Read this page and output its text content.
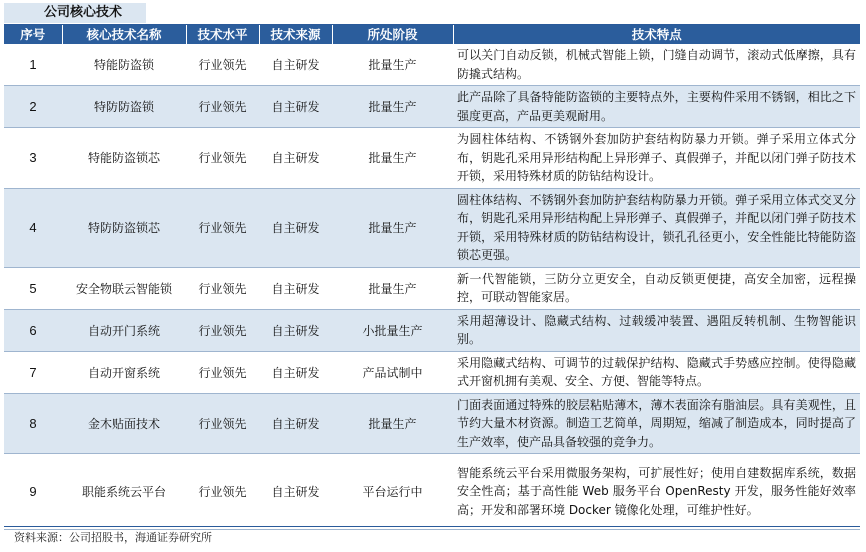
公司核心技术
序号	核心技术名称	技术水平	技术来源	所处阶段	技术特点
1	特能防盗锁	行业领先	自主研发	批量生产	可以关门自动反锁，机械式智能上锁，门缝自动调节，滚动式低摩擦，具有防撬式结构。
2	特防防盗锁	行业领先	自主研发	批量生产	此产品除了具备特能防盗锁的主要特点外，主要构件采用不锈钢，相比之下强度更高，产品更美观耐用。
3	特能防盗锁芯	行业领先	自主研发	批量生产	为圆柱体结构、不锈钢外套加防护套结构防暴力开锁。弹子采用立体式分布，钥匙孔采用异形结构配上异形弹子、真假弹子，并配以闭门弹子防技术开锁，采用特殊材质的防钻结构设计。
4	特防防盗锁芯	行业领先	自主研发	批量生产	圆柱体结构、不锈钢外套加防护套结构防暴力开锁。弹子采用立体式交叉分布，钥匙孔采用异形结构配上异形弹子、真假弹子，并配以闭门弹子防技术开锁，采用特殊材质的防钻结构设计，锁孔孔径更小，安全性能比特能防盗锁芯更强。
5	安全物联云智能锁	行业领先	自主研发	批量生产	新一代智能锁，三防分立更安全，自动反锁更便捷，高安全加密，远程操控，可联动智能家居。
6	自动开门系统	行业领先	自主研发	小批量生产	采用超薄设计、隐藏式结构、过载缓冲装置、遇阻反转机制、生物智能识别。
7	自动开窗系统	行业领先	自主研发	产品试制中	采用隐藏式结构、可调节的过载保护结构、隐藏式手势感应控制。使得隐藏式开窗机拥有美观、安全、方便、智能等特点。
8	金木贴面技术	行业领先	自主研发	批量生产	门面表面通过特殊的胶层粘贴薄木，薄木表面涂有脂油层。具有美观性，且节约大量木材资源。制造工艺简单，周期短，缩减了制造成本，同时提高了生产效率，使产品具备较强的竞争力。
9	职能系统云平台	行业领先	自主研发	平台运行中	智能系统云平台采用微服务架构，可扩展性好；使用自建数据库系统，数据安全性高；基于高性能 Web 服务平台 OpenResty 开发，服务性能好效率高；开发和部署环境 Docker 镜像化处理，可维护性好。
资料来源：公司招股书，海通证券研究所
